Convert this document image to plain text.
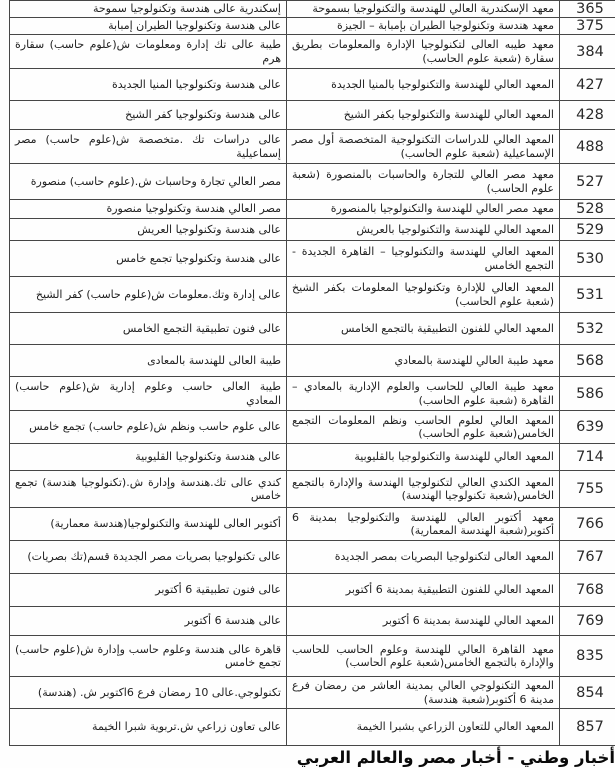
365	معهد الإسكندرية العالي للهندسة والتكنولوجيا بسموحة	إسكندرية عالى هندسة وتكنولوجيا سموحة
375	معهد هندسة وتكنولوجيا الطيران بإمبابة – الجيزة	عالى هندسة وتكنولوجيا الطيران إمبابة
384	معهد طيبه العالى لتكنولوجيا الإدارة والمعلومات بطريق سقارة (شعبة علوم الحاسب)	طيبة عالى تك إدارة ومعلومات ش(علوم حاسب) سقارة هرم
427	المعهد العالي للهندسة والتكنولوجيا بالمنيا الجديدة	عالى هندسة وتكنولوجيا المنيا الجديدة
428	المعهد العالي للهندسة والتكنولوجيا بكفر الشيخ	عالى هندسة وتكنولوجيا كفر الشيخ
488	المعهد العالي للدراسات التكنولوجية المتخصصة أول مصر الإسماعيلية (شعبة علوم الحاسب)	عالى دراسات تك .متخصصة ش(علوم حاسب) مصر إسماعيلية
527	معهد مصر العالي للتجارة والحاسبات بالمنصورة (شعبة علوم الحاسب)	مصر العالي تجارة وحاسبات ش.(علوم حاسب) منصورة
528	معهد مصر العالي للهندسة والتكنولوجيا بالمنصورة	مصر العالي هندسة وتكنولوجيا منصورة
529	المعهد العالي للهندسة والتكنولوجيا بالعريش	عالى هندسة وتكنولوجيا العريش
530	المعهد العالي للهندسة والتكنولوجيا – القاهرة الجديدة - التجمع الخامس	عالى هندسة وتكنولوجيا تجمع خامس
531	المعهد العالي للإدارة وتكنولوجيا المعلومات بكفر الشيخ (شعبة علوم الحاسب)	عالى إدارة وتك.معلومات ش(علوم حاسب) كفر الشيخ
532	المعهد العالي للفنون التطبيقية بالتجمع الخامس	عالى فنون تطبيقية التجمع الخامس
568	معهد طيبة العالي للهندسة بالمعادي	طيبة العالى للهندسة بالمعادى
586	معهد طيبة العالي للحاسب والعلوم الإدارية بالمعادي – القاهرة (شعبة علوم الحاسب)	طيبة العالى حاسب وعلوم إدارية ش(علوم حاسب) المعادي
639	المعهد العالي لعلوم الحاسب ونظم المعلومات التجمع الخامس(شعبة علوم الحاسب)	عالى علوم حاسب ونظم ش(علوم حاسب) تجمع خامس
714	المعهد العالي للهندسة والتكنولوجيا بالقليوبية	عالى هندسة وتكنولوجيا القليوبية
755	المعهد الكندي العالي لتكنولوجيا الهندسة والإدارة بالتجمع الخامس(شعبة تكنولوجيا الهندسة)	كندي عالى تك.هندسة وإدارة ش.(تكنولوجيا هندسة) تجمع خامس
766	معهد أكتوبر العالي للهندسة والتكنولوجيا بمدينة 6 أكتوبر(شعبة الهندسة المعمارية)	أكتوبر العالى للهندسة والتكنولوجيا(هندسة معمارية)
767	المعهد العالى لتكنولوجيا البصريات بمصر الجديدة	عالى تكنولوجيا بصريات مصر الجديدة قسم(تك بصريات)
768	المعهد العالي للفنون التطبيقية بمدينة 6 أكتوبر	عالى فنون تطبيقية 6 أكتوبر
769	المعهد العالي للهندسة بمدينة 6 أكتوبر	عالى هندسة 6 أكتوبر
835	معهد القاهرة العالي للهندسة وعلوم الحاسب للحاسب والإدارة بالتجمع الخامس(شعبة علوم الحاسب)	قاهرة عالى هندسة وعلوم حاسب وإدارة ش(علوم حاسب) تجمع خامس
854	المعهد التكنولوجي العالي بمدينة العاشر من رمضان فرع مدينة 6 أكتوبر(شعبة هندسة)	تكنولوجي.عالى 10 رمضان فرع 6اكتوبر ش. (هندسة)
857	المعهد العالي للتعاون الزراعي بشبرا الخيمة	عالى تعاون زراعي ش.تربوية شبرا الخيمة
أخبار وطني - أخبار مصر والعالم العربي
